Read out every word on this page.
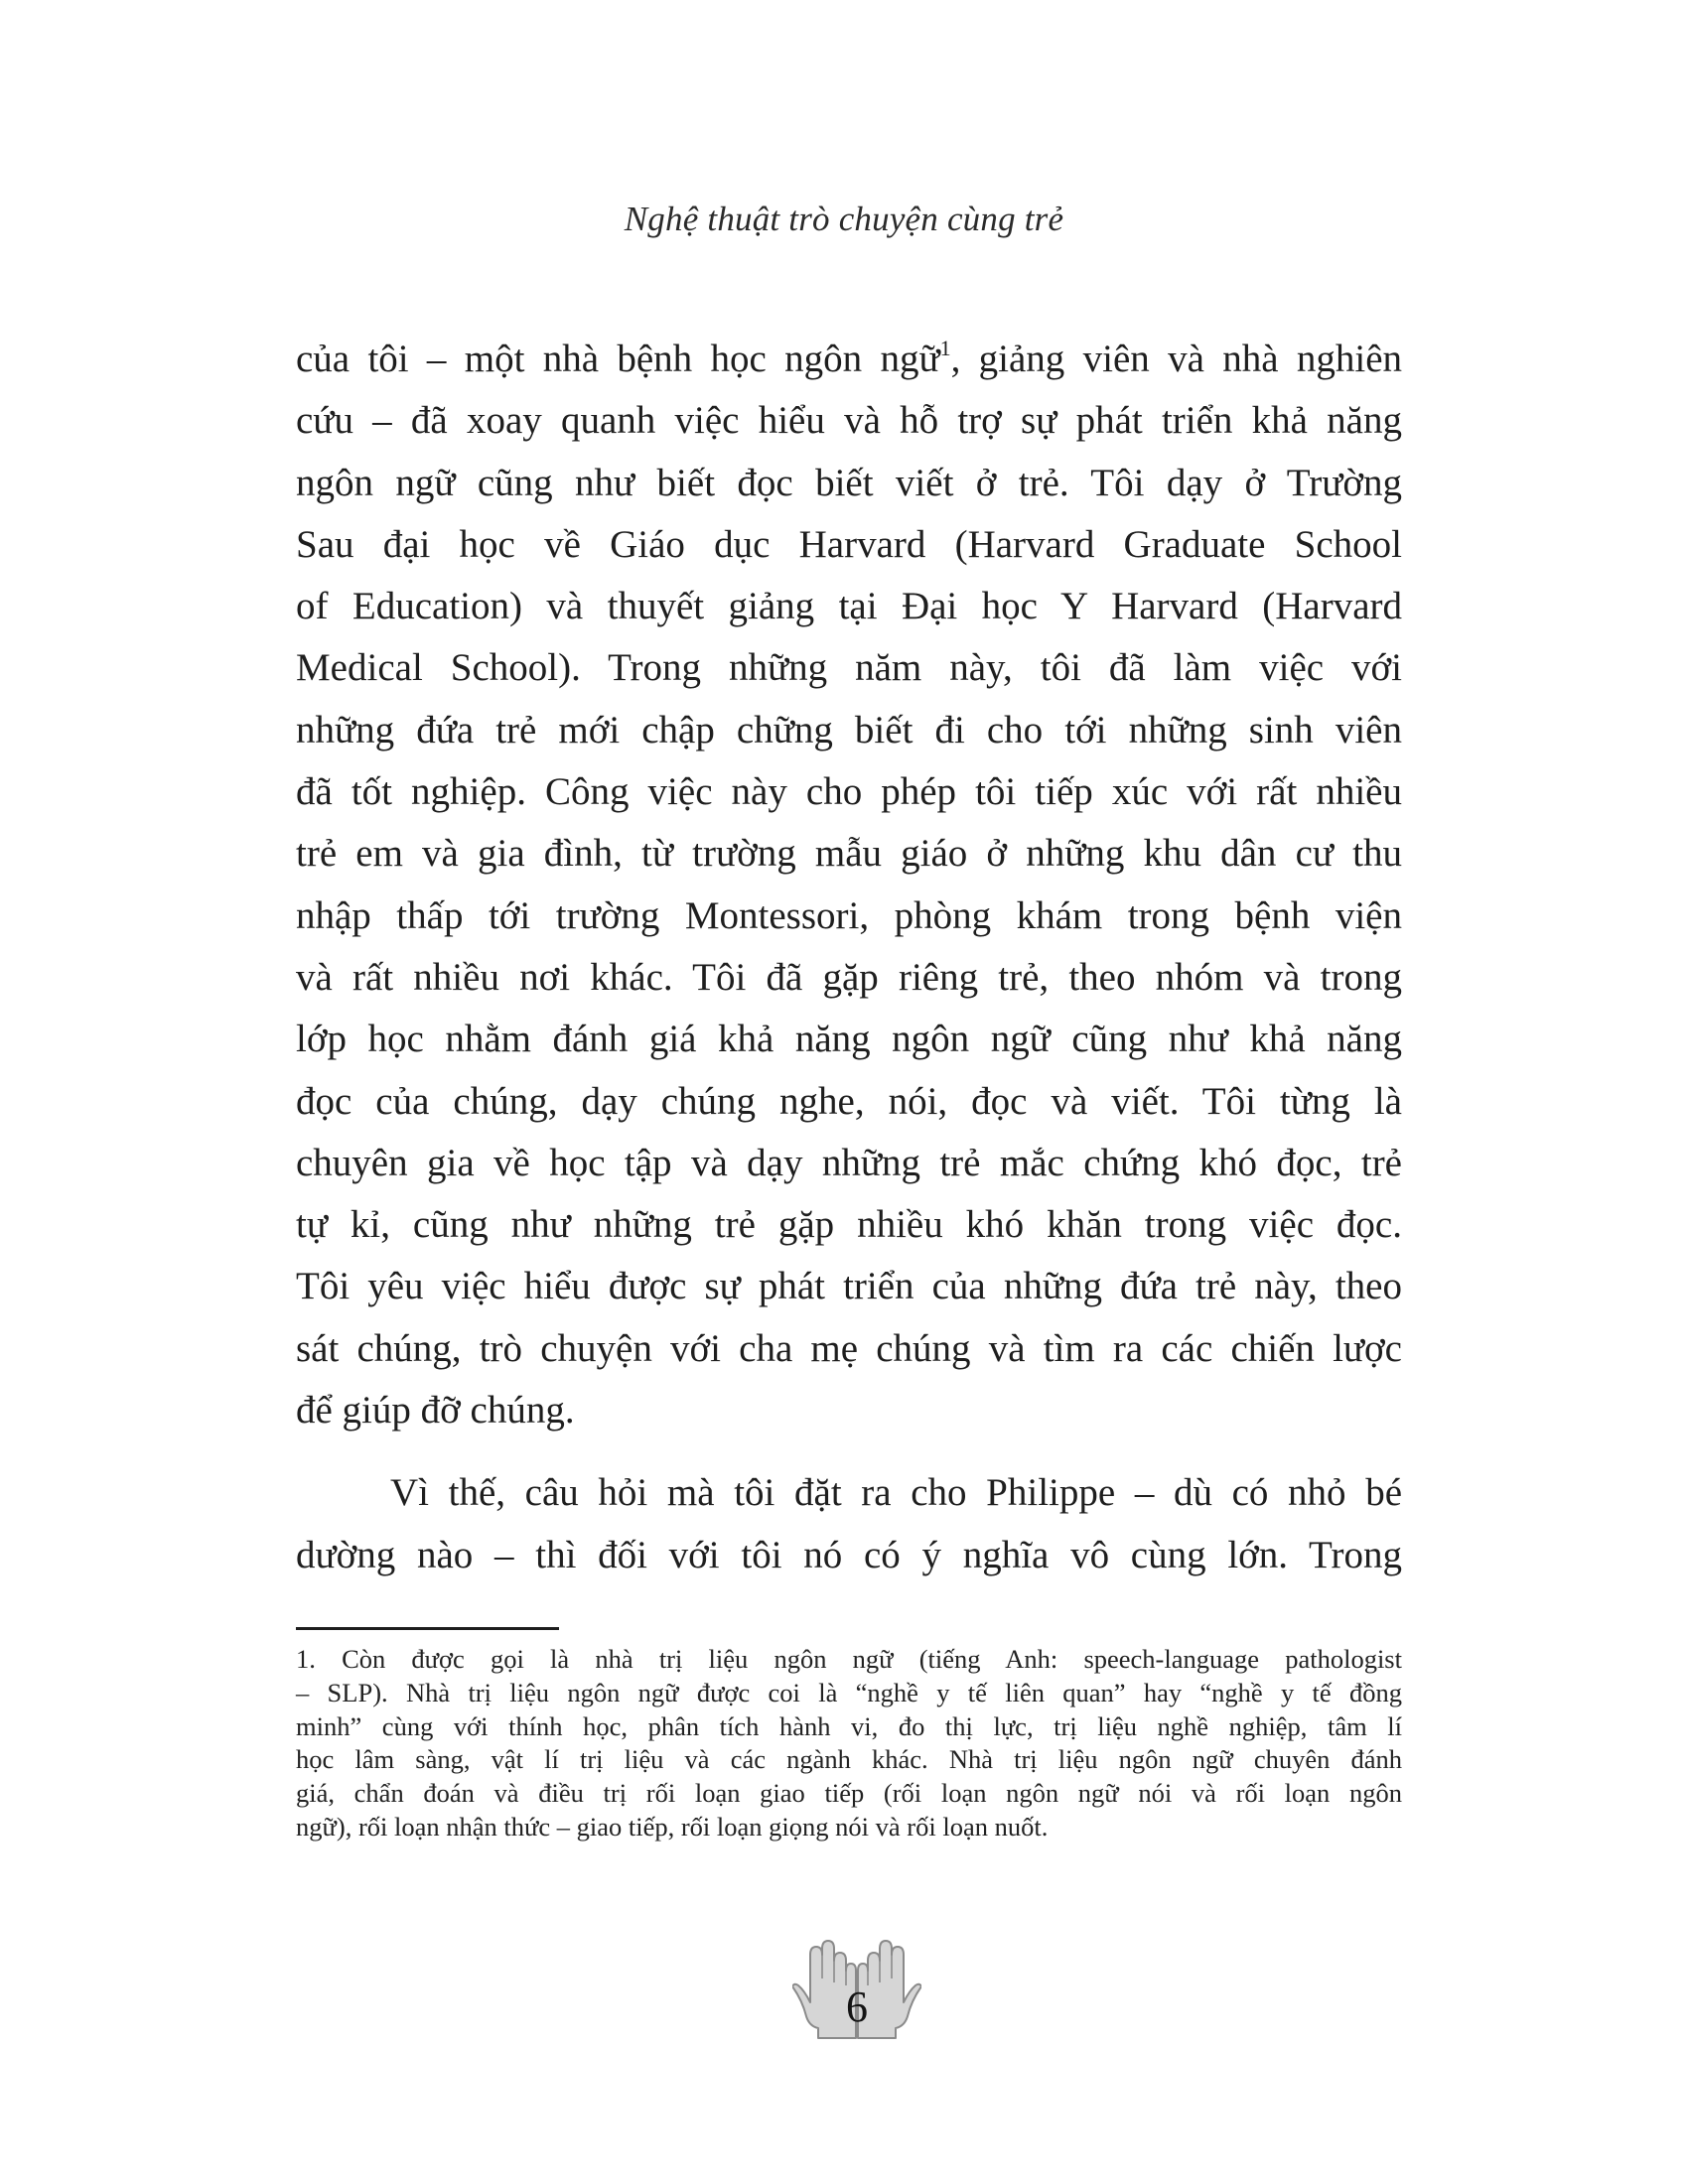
Nghệ thuật trò chuyện cùng trẻ
của tôi – một nhà bệnh học ngôn ngữ$^1$, giảng viên và nhà nghiên
cứu – đã xoay quanh việc hiểu và hỗ trợ sự phát triển khả năng
ngôn ngữ cũng như biết đọc biết viết ở trẻ. Tôi dạy ở Trường
Sau đại học về Giáo dục Harvard (Harvard Graduate School
of Education) và thuyết giảng tại Đại học Y Harvard (Harvard
Medical School). Trong những năm này, tôi đã làm việc với
những đứa trẻ mới chập chững biết đi cho tới những sinh viên
đã tốt nghiệp. Công việc này cho phép tôi tiếp xúc với rất nhiều
trẻ em và gia đình, từ trường mẫu giáo ở những khu dân cư thu
nhập thấp tới trường Montessori, phòng khám trong bệnh viện
và rất nhiều nơi khác. Tôi đã gặp riêng trẻ, theo nhóm và trong
lớp học nhằm đánh giá khả năng ngôn ngữ cũng như khả năng
đọc của chúng, dạy chúng nghe, nói, đọc và viết. Tôi từng là
chuyên gia về học tập và dạy những trẻ mắc chứng khó đọc, trẻ
tự kỉ, cũng như những trẻ gặp nhiều khó khăn trong việc đọc.
Tôi yêu việc hiểu được sự phát triển của những đứa trẻ này, theo
sát chúng, trò chuyện với cha mẹ chúng và tìm ra các chiến lược
để giúp đỡ chúng.
Vì thế, câu hỏi mà tôi đặt ra cho Philippe – dù có nhỏ bé
dường nào – thì đối với tôi nó có ý nghĩa vô cùng lớn. Trong
1. Còn được gọi là nhà trị liệu ngôn ngữ (tiếng Anh: speech-language pathologist
– SLP). Nhà trị liệu ngôn ngữ được coi là “nghề y tế liên quan” hay “nghề y tế đồng
minh” cùng với thính học, phân tích hành vi, đo thị lực, trị liệu nghề nghiệp, tâm lí
học lâm sàng, vật lí trị liệu và các ngành khác. Nhà trị liệu ngôn ngữ chuyên đánh
giá, chẩn đoán và điều trị rối loạn giao tiếp (rối loạn ngôn ngữ nói và rối loạn ngôn
ngữ), rối loạn nhận thức – giao tiếp, rối loạn giọng nói và rối loạn nuốt.
6
